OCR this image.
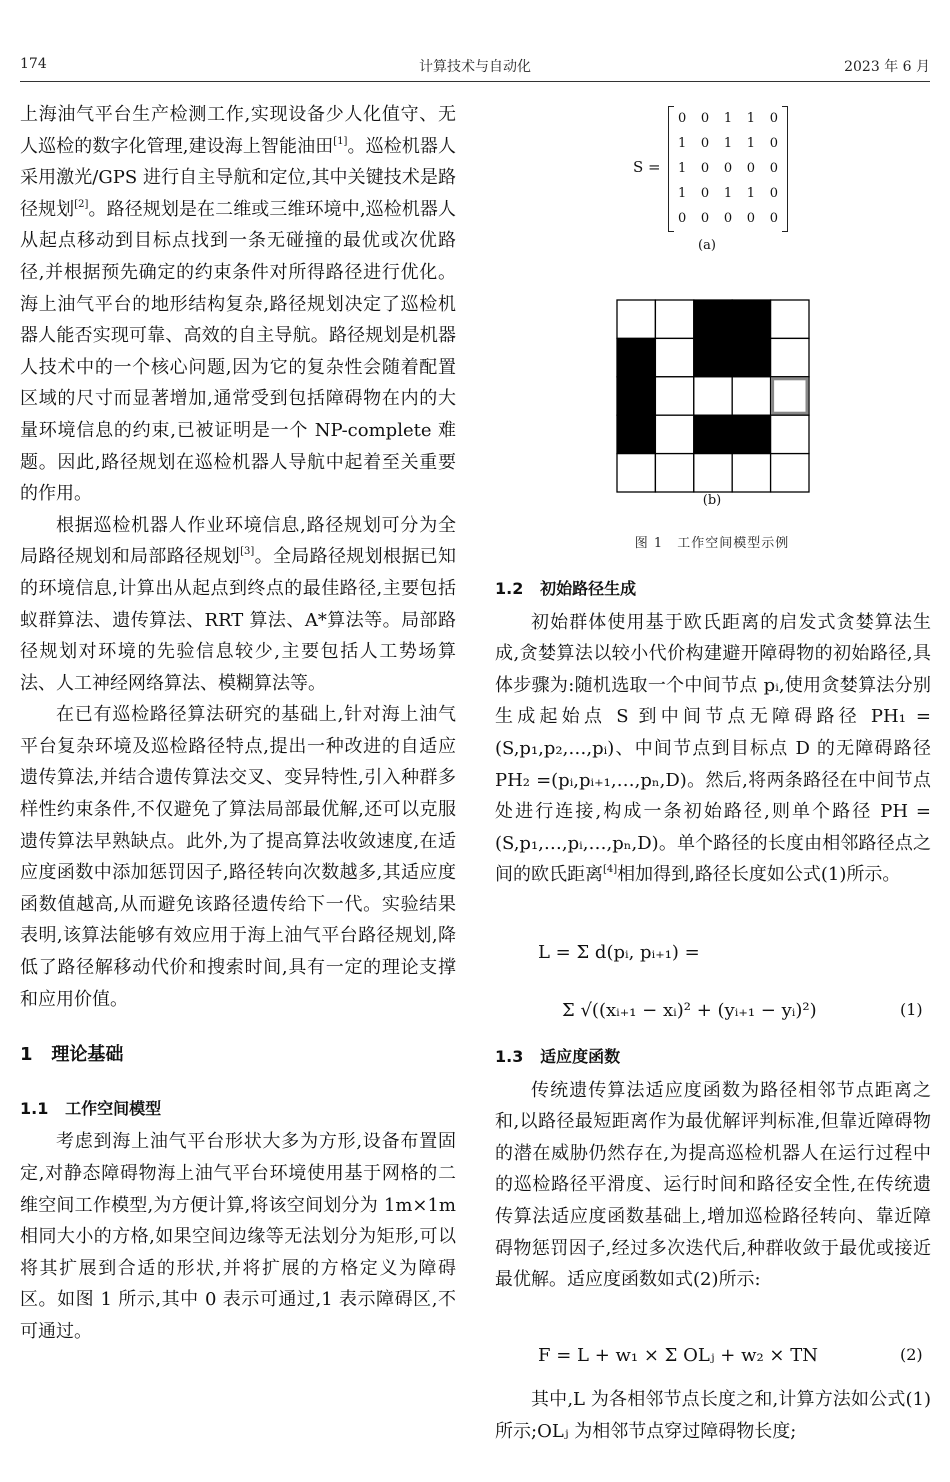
174	计算技术与自动化	2023 年 6 月

上海油气平台生产检测工作,实现设备少人化值守、无人巡检的数字化管理,建设海上智能油田[1]。巡检机器人采用激光/GPS 进行自主导航和定位,其中关键技术是路径规划[2]。路径规划是在二维或三维环境中,巡检机器人从起点移动到目标点找到一条无碰撞的最优或次优路径,并根据预先确定的约束条件对所得路径进行优化。海上油气平台的地形结构复杂,路径规划决定了巡检机器人能否实现可靠、高效的自主导航。路径规划是机器人技术中的一个核心问题,因为它的复杂性会随着配置区域的尺寸而显著增加,通常受到包括障碍物在内的大量环境信息的约束,已被证明是一个 NP-complete 难题。因此,路径规划在巡检机器人导航中起着至关重要的作用。

根据巡检机器人作业环境信息,路径规划可分为全局路径规划和局部路径规划[3]。全局路径规划根据已知的环境信息,计算出从起点到终点的最佳路径,主要包括蚁群算法、遗传算法、RRT 算法、A*算法等。局部路径规划对环境的先验信息较少,主要包括人工势场算法、人工神经网络算法、模糊算法等。

在已有巡检路径算法研究的基础上,针对海上油气平台复杂环境及巡检路径特点,提出一种改进的自适应遗传算法,并结合遗传算法交叉、变异特性,引入种群多样性约束条件,不仅避免了算法局部最优解,还可以克服遗传算法早熟缺点。此外,为了提高算法收敛速度,在适应度函数中添加惩罚因子,路径转向次数越多,其适应度函数值越高,从而避免该路径遗传给下一代。实验结果表明,该算法能够有效应用于海上油气平台路径规划,降低了路径解移动代价和搜索时间,具有一定的理论支撑和应用价值。

1 理论基础
1.1 工作空间模型

考虑到海上油气平台形状大多为方形,设备布置固定,对静态障碍物海上油气平台环境使用基于网格的二维空间工作模型,为方便计算,将该空间划分为 1m×1m 相同大小的方格,如果空间边缘等无法划分为矩形,可以将其扩展到合适的形状,并将扩展的方格定义为障碍区。如图 1 所示,其中 0 表示可通过,1 表示障碍区,不可通过。

S =
0 0 1 1 0
1 0 1 1 0
1 0 0 0 0
1 0 1 1 0
0 0 0 0 0
(a)
(b)
图 1　工作空间模型示例
1.2 初始路径生成

初始群体使用基于欧氏距离的启发式贪婪算法生成,贪婪算法以较小代价构建避开障碍物的初始路径,具体步骤为:随机选取一个中间节点 pᵢ,使用贪婪算法分别生成起始点 S 到中间节点无障碍路径 PH₁ =(S,p₁,p₂,…,pᵢ)、中间节点到目标点 D 的无障碍路径 PH₂ =(pᵢ,pᵢ₊₁,…,pₙ,D)。然后,将两条路径在中间节点处进行连接,构成一条初始路径,则单个路径 PH =(S,p₁,…,pᵢ,…,pₙ,D)。单个路径的长度由相邻路径点之间的欧氏距离[4]相加得到,路径长度如公式(1)所示。

L = Σ d(pᵢ, pᵢ₊₁) =
Σ √((xᵢ₊₁ − xᵢ)² + (yᵢ₊₁ − yᵢ)²)	(1)
1.3 适应度函数

传统遗传算法适应度函数为路径相邻节点距离之和,以路径最短距离作为最优解评判标准,但靠近障碍物的潜在威胁仍然存在,为提高巡检机器人在运行过程中的巡检路径平滑度、运行时间和路径安全性,在传统遗传算法适应度函数基础上,增加巡检路径转向、靠近障碍物惩罚因子,经过多次迭代后,种群收敛于最优或接近最优解。适应度函数如式(2)所示:

F = L + w₁ × Σ OLⱼ + w₂ × TN	(2)

其中,L 为各相邻节点长度之和,计算方法如公式(1)所示;OLⱼ 为相邻节点穿过障碍物长度;
